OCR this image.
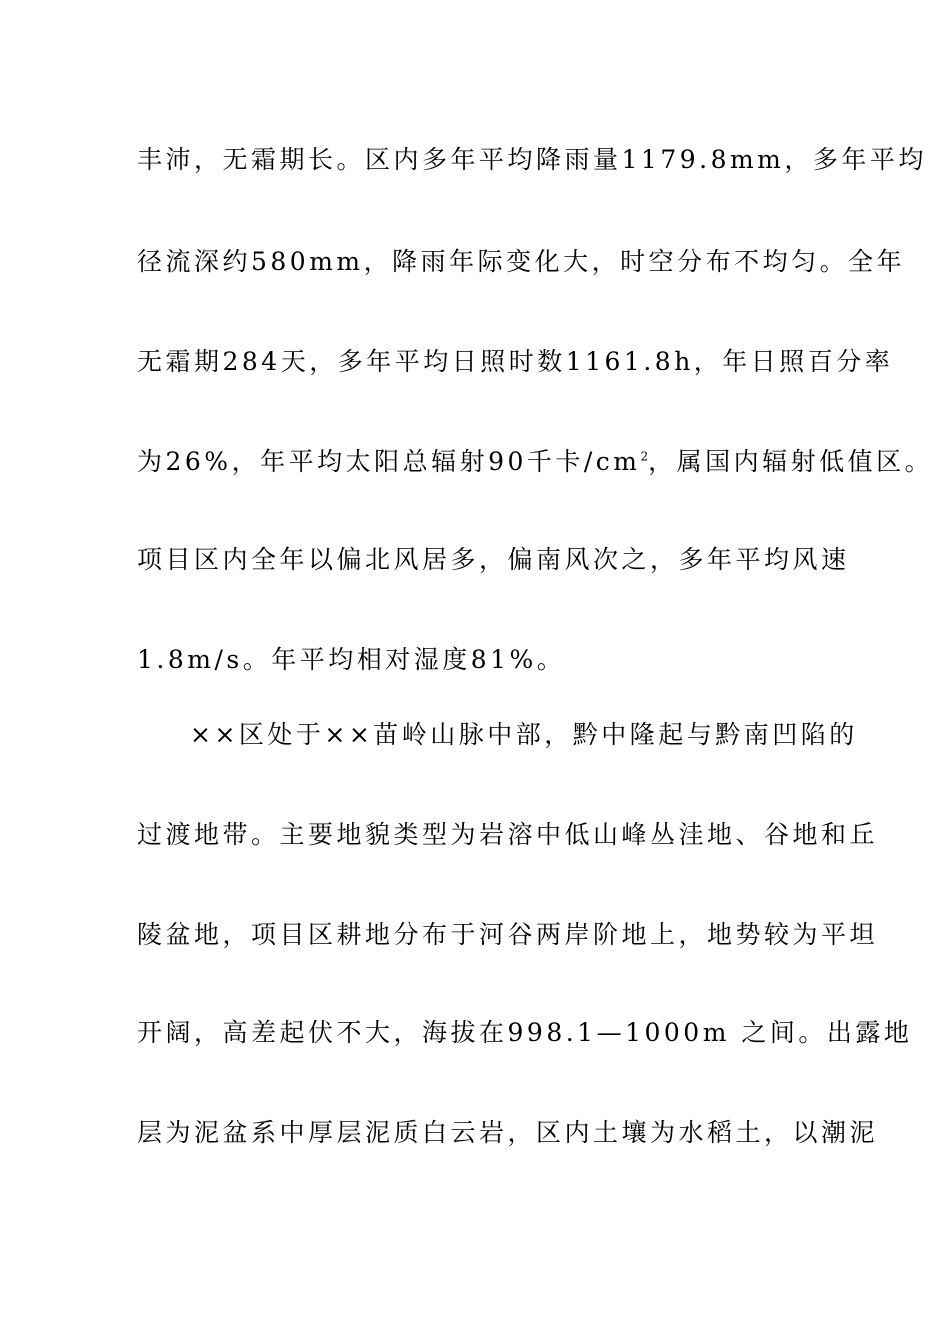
丰沛，无霜期长。区内多年平均降雨量1179.8mm，多年平均
径流深约580mm，降雨年际变化大，时空分布不均匀。全年
无霜期284天，多年平均日照时数1161.8h，年日照百分率
为26%，年平均太阳总辐射90千卡$/cm^2$，属国内辐射低值区。
项目区内全年以偏北风居多，偏南风次之，多年平均风速
1.8m/s。年平均相对湿度81%。
××区处于××苗岭山脉中部，黔中隆起与黔南凹陷的
过渡地带。主要地貌类型为岩溶中低山峰丛洼地、谷地和丘
陵盆地，项目区耕地分布于河谷两岸阶地上，地势较为平坦
开阔，高差起伏不大，海拔在998.1—1000m 之间。出露地
层为泥盆系中厚层泥质白云岩，区内土壤为水稻土，以潮泥
